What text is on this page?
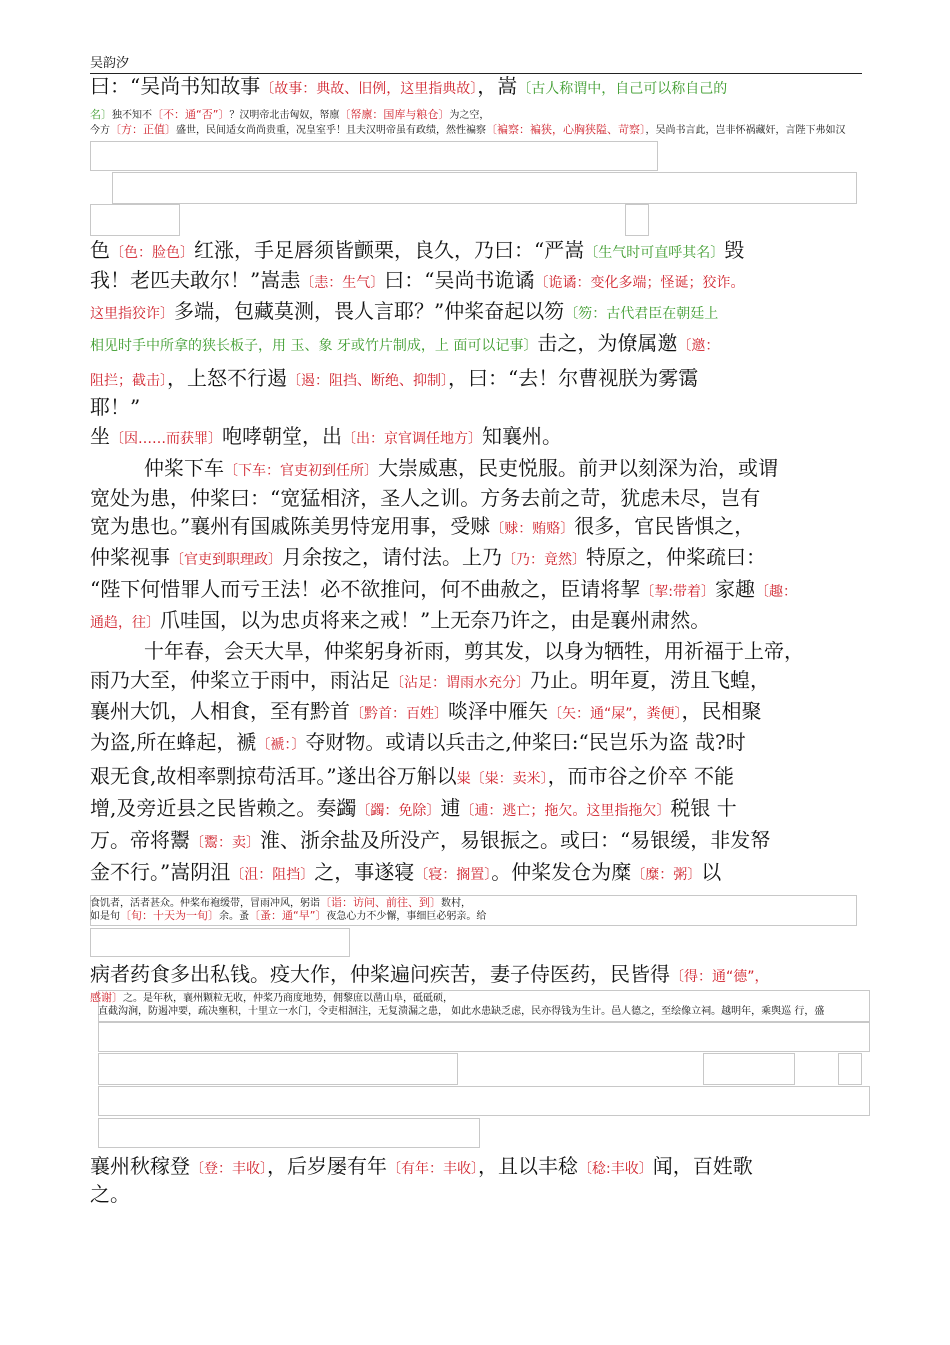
吴韵汐
曰：“吴尚书知故事〔故事：典故、旧例，这里指典故〕，嵩〔古人称谓中，自己可以称自己的
名〕独不知不〔不：通“否”〕？汉明帝北击匈奴，帑廪〔帑廪：国库与粮仓〕为之空，
今方〔方：正值〕盛世，民间适女尚尚贵重，况皇室乎！且夫汉明帝虽有政绩，然性褊察〔褊察：褊狭，心胸狭隘、苛察〕，吴尚书言此，岂非怀祸藏奸，言陛下弗如汉
色〔色：脸色〕红涨，手足唇须皆颤栗，良久，乃曰：“严嵩〔生气时可直呼其名〕毁
我！老匹夫敢尔！”嵩恚〔恚：生气〕曰：“吴尚书诡谲〔诡谲：变化多端；怪诞；狡诈。
这里指狡诈〕多端，包藏莫测，畏人言耶？”仲桨奋起以笏〔笏：古代君臣在朝廷上
相见时手中所拿的狭长板子，用 玉、象 牙或竹片制成，上 面可以记事〕击之，为僚属邀〔邀：
阻拦；截击〕，上怒不行遏〔遏：阻挡、断绝、抑制〕，曰：“去！尔曹视朕为雾霭
耶！”
坐〔因……而获罪〕咆哮朝堂，出〔出：京官调任地方〕知襄州。
仲桨下车〔下车：官吏初到任所〕大崇威惠，民吏悦服。前尹以刻深为治，或谓
宽处为患，仲桨曰：“宽猛相济，圣人之训。方务去前之苛，犹虑未尽，岂有
宽为患也。”襄州有国戚陈美男恃宠用事，受赇〔赇：贿赂〕很多，官民皆惧之，
仲桨视事〔官吏到职理政〕月余按之，请付法。上乃〔乃：竟然〕特原之，仲桨疏曰：
“陛下何惜罪人而亏王法！必不欲推问，何不曲赦之，臣请将挈〔挈:带着〕家趣〔趣：
通趋，往〕爪哇国，以为忠贞将来之戒！”上无奈乃许之，由是襄州肃然。
十年春，会天大旱，仲桨躬身祈雨，剪其发，以身为牺牲，用祈福于上帝，
雨乃大至，仲桨立于雨中，雨沾足〔沾足：谓雨水充分〕乃止。明年夏，涝且飞蝗，
襄州大饥，人相食，至有黔首〔黔首：百姓〕啖泽中雁矢〔矢：通“屎”，粪便〕，民相聚
为盗,所在蜂起，褫〔褫：〕夺财物。或请以兵击之,仲桨曰:“民岂乐为盗 哉?时
艰无食,故相率剽掠苟活耳。”遂出谷万斛以粜〔粜：卖米〕，而市谷之价卒 不能
增,及旁近县之民皆赖之。奏蠲〔蠲：免除〕逋〔逋：逃亡；拖欠。这里指拖欠〕税银 十
万。帝将鬻〔鬻：卖〕淮、浙余盐及所没产，易银振之。或曰：“易银缓，非发帑
金不行。”嵩阴沮〔沮：阻挡〕之，事遂寝〔寝：搁置〕。仲桨发仓为糜〔糜：粥〕以
食饥者，活者甚众。仲桨布袍缓带，冒雨冲风，躬诣〔诣：访问、前往、到〕数村，
如是旬〔旬：十天为一旬〕余。蚤〔蚤：通“早”〕夜急心力不少懈，事细巨必躬亲。给
病者药食多出私钱。疫大作，仲桨遍问疾苦，妻子侍医药，民皆得〔得：通“德”，
感谢〕之。是年秋，襄州颗粒无收，仲桨乃商度地势，佣黎庶以凿山阜，砥砥硕，
直截沟涧，防遏冲要，疏决壅积，十里立一水门，令吏相洄注，无复溃漏之患， 如此水患缺乏虑，民亦得钱为生计。邑人德之，至绘像立祠。越明年，乘舆巡 行，盛
襄州秋稼登〔登：丰收〕，后岁屡有年〔有年：丰收〕，且以丰稔〔稔:丰收〕闻，百姓歌
之。
